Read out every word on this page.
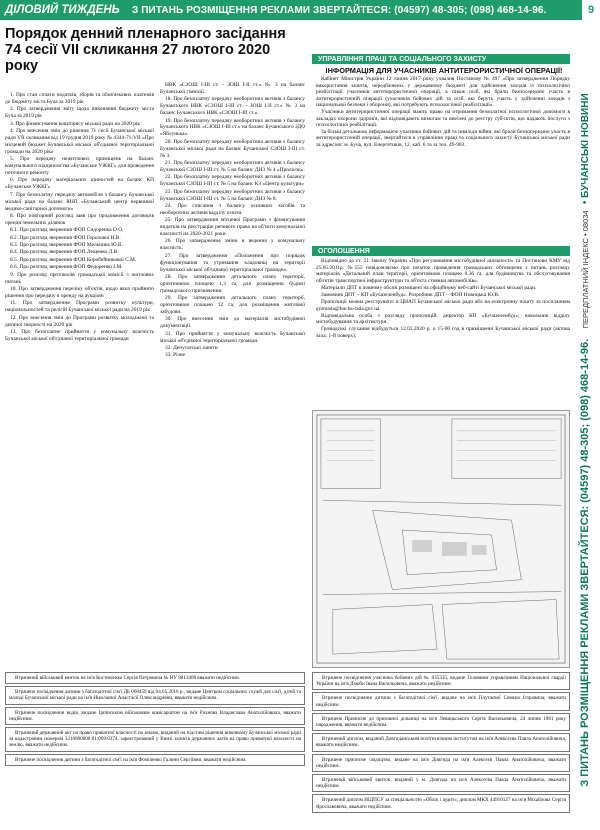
ДІЛОВИЙ ТИЖДЕНЬ	З ПИТАНЬ РОЗМІЩЕННЯ РЕКЛАМИ ЗВЕРТАЙТЕСЯ: (04597) 48-305; (098) 468-14-96.	9
З ПИТАНЬ РОЗМІЩЕННЯ РЕКЛАМИ ЗВЕРТАЙТЕСЯ: (04597) 48-305; (098) 468-14-96.     ПЕРЕДПЛАТНИЙ ІНДЕКС • 08034   • БУЧАНСЬКІ НОВИНИ
Порядок денний пленарного засідання 74 сесії VII скликання 27 лютого 2020 року

1. Про стан сплати податків, зборів та обов'язкових платежів до бюджету міста Буча за 2019 рік

2. Про затвердження звіту щодо виконання бюджету міста Буча за 2019 рік

3. Про фінансування кошторису міської ради на 2020 рік

4. Про внесення змін до рішення 71 сесії Бучанської міської ради VII скликання від 19 грудня 2019 року № 4344-71-VII «Про місцевий бюджет Бучанської міської об'єднаної територіальної громади на 2020 рік»

5. Про передачу нежитлових приміщень на баланс комунального підприємства «Бучанське УЖКГ» для проведення поточного ремонту

6. Про передачу матеріальних цінностей на баланс КП «Бучанське УЖКГ»

7. Про безоплатну передачу автомобіля з балансу Бучанської міської ради на баланс КНП «Бучанський центр первинної медико-санітарної допомоги»

8. Про повторний розгляд заяв про продовження договорів оренди земельних ділянок

8.1. Про розгляд звернення ФОП Сидоренка О.О.

8.2. Про розгляд звернення ФОП Горохової Н.В.

8.3. Про розгляд звернення ФОП Мельника Ю.В.

8.4. Про розгляд звернення ФОП Лещенко Л.В.

8.5. Про розгляд звернення ФОП Коробейникової С.М.

8.6. Про розгляд звернення ФОП Федоренко І.М.

9. Про розгляд протоколів громадської комісії з житлових питань

10. Про затвердження переліку об'єктів, щодо яких прийнято рішення про передачу в оренду на аукціоні

11. Про затвердження Програми розвитку культури, національностей та релігій Бучанської міської ради на 2019 рік

12. Про внесення змін до Програми розвитку молодіжної та дитячої творчості на 2020 рік

13. Про безоплатне прийняття у комунальну власність Бучанської міської об'єднаної територіальної громади

НВК «СЗОШ І-ІІІ ст. - ЗОШ І-ІІ ст.» № 3 на баланс Бучанської гімназії.

18. Про безоплатну передачу необоротних активів з балансу Бучанського НВК «СЗОШ І-ІІІ ст. - ЗОШ І-ІІ ст.» № 3 на баланс Бучанського НВК «СЗОШ І-ІІІ ст.».

19. Про безоплатну передачу необоротних активів з балансу Бучанського НВК «СЗОШ І-ІІІ ст.» на баланс Бучанського ЗДО «Яблунька».

20. Про безоплатну передачу необоротних активів з балансу Бучанської міської ради на баланс Бучанської СЗОШ І-ІІІ ст. № 3.

21. Про безоплатну передачу необоротних активів з балансу Бучанської СЗОШ І-ІІІ ст. № 5 на баланс ДНЗ № 4 «Пролісок».

22. Про безоплатну передачу необоротних активів з балансу Бучанської СЗОШ І-ІІІ ст. № 5 на баланс КЗ «Центр культури»

23. Про безоплатну передачу необоротних активів з балансу Бучанської СЗОШ І-ІІІ ст. № 5 на баланс ДНЗ № 8.

24. Про списання з балансу основних засобів та необоротних активів відділу освіти.

25. Про затвердження місцевої Програми з фінансування видатків на реєстрацію речового права на об'єкти комунальної власності на 2020-2021 роки.

26. Про затвердження зміни в ведення у комунальну власність.

27. Про затвердження «Положення про порядок функціонування та утримання кладовищ на території Бучанської міської об'єднаної територіальної громади».

28. Про затвердження детального плану території, орієнтовною площею 1,3 га, для розміщення будівлі громадського призначення.

29. Про затвердження детального плану території, орієнтовною площею 12 га, для розміщення житлової забудови.

30. Про внесення змін до матеріалів містобудівної документації.

31. Про прийняття у комунальну власність Бучанської міської об'єднаної територіальної громади.

32. Депутатські запити

33. Різне

УПРАВЛІННЯ ПРАЦІ ТА СОЦІАЛЬНОГО ЗАХИСТУ
ІНФОРМАЦІЯ ДЛЯ УЧАСНИКІВ АНТИТЕРОРИСТИЧНОЇ ОПЕРАЦІЇ!

Кабінет Міністрів України 12 липня 2017 року ухвалив Постанову № 497 «Про затвердження Порядку використання коштів, передбачених у державному бюджеті для здійснення заходів із психологічної реабілітації учасників антитерористичної операції, а також осіб, які брали безпосередню участь в антитерористичній операції (учасників бойових дій та осіб, які беруть участь у здійсненні заходів з національної безпеки і оборони), які потребують психологічної реабілітації».

Учасники антитерористичної операції мають право на отримання безоплатної психологічної допомоги в закладах охорони здоров'я, які відповідають вимогам та внесені до реєстру суб'єктів, що надають послуги з психологічної реабілітації.

За більш детальною інформацією учасники бойових дій та інваліди війни, які брали безпосередню участь в антитерористичній операції, звертайтеся в управління праці та соціального захисту Бучанської міської ради за адресою: м. Буча, вул. Енергетиків, 12, каб. 6 та за тел. 49-903.

ОГОЛОШЕННЯ

Відповідно до ст. 21 Закону України «Про регулювання містобудівної діяльності» та Постанови КМУ від 25.05.2011р. №555 повідомляємо про початок проведення громадських обговорень з питань розгляду матеріалів «Детальний план території, орієнтовною площею 0,36 га, для будівництва та обслуговування об'єктів транспортної інфраструктури та об'єкта стоянки автомобілів».

Матеріали ДПТ в повному обсязі розміщені на офіційному веб-сайті Бучанської міської ради.

Замовник ДПТ – КП «Бучазеленбуд». Розробник ДПТ – ФОП Новицька Ю.В.

Пропозиції можна реєструвати: в ЦНАП Бучанської міської ради або на електронну пошту за посиланням gromada@bucha-rada.gov.ua.

Відповідальна особа з розгляду пропозицій: директор КП «Бучазеленбуд», начальник відділу містобудування та архітектури.

Громадські слухання відбудуться 12.03.2020 р. о 15-00 год в приміщенні Бучанської міської ради (актова зала; 1-й поверх).

Втрачений військовий квиток на ім'я Костюченко Сергія Петровича № НУ 8813408 вважати недійсним.
Втрачено посвідчення дитини з багатодітної сім'ї ДБ 068459 від 04.05.2016 р., видане Центром соціальних служб для сім'ї, дітей та молоді Бучанської міської ради на ім'я Ніколаєвої Анастасії Олександрівни, вважати недійсним.
Втрачене посвідчення водія, видане Ірпінським військовим комісаріатом на ім'я Рахнова Владислава Анатолійовича, вважати недійсним.
Втрачений державний акт на право приватної власності на землю, виданий на підставі рішення виконкому Бучанської міської ради за кадастровим номером 3210800000:01:009:0374, зареєстрований у Книзі записів державних актів на право приватної власності на землю, вважати недійсним.
Втрачене посвідчення дитини з багатодітної сім'ї на ім'я Фоміченко Галини Сергіївни, вважати недійсним.
Втрачене посвідчення учасника бойових дій № 035335, видане Головним управлінням Національної гвардії України на ім'я Дзюби Івана Васильовича, вважати недійсним.
Втрачене посвідчення дитини з багатодітної сім'ї, видане на ім'я Плутаєвої Семена Ігоровича, вважати недійсним.
Втрачене Приписне до призовної дільниці на ім'я Левицьського Сергія Васильовича, 24 липня 1981 року народження, вважати недійсним.
Втрачений диплом, виданий Довгиданським політехнічним інститутом на ім'я Алексєєва Павла Анатолійовича, вважати недійсним.
Втрачене приписне свідоцтво, видане на ім'я Довгида на ім'я Алексєєв Павла Анатолійовича, вважати недійсним.
Втрачений військовий квиток, виданий у м. Довгида на ім'я Алексєєва Павла Анатолійовича, вважати недійсним.
Втрачений диплом НІДПСУ за спеціальністю «Облік і аудит», диплом МКХ 44916127 на ім'я Міхайлова Сергія Ярославовича, вважати недійсним.
